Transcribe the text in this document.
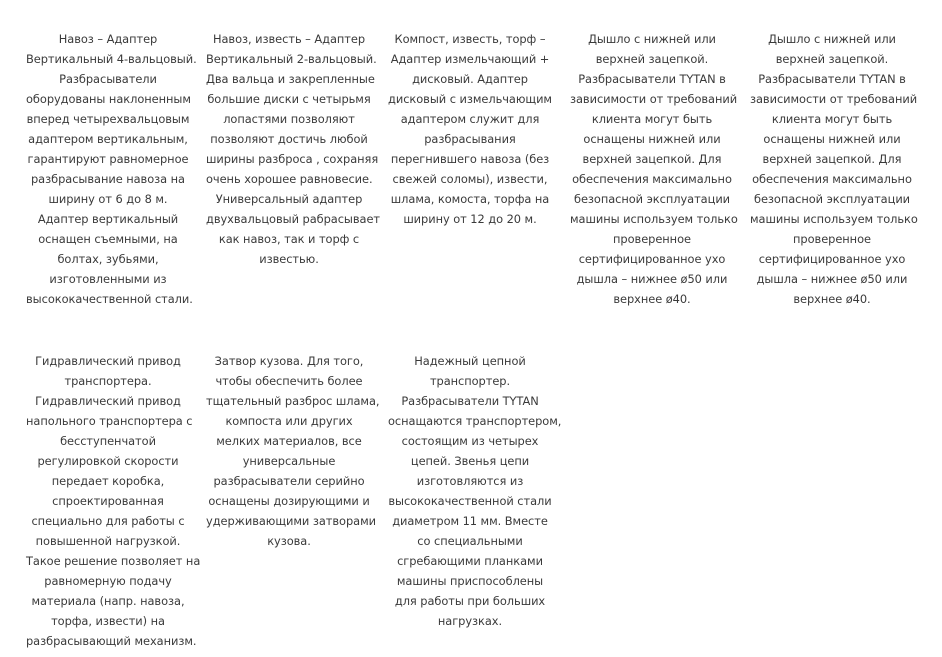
Навоз – Адаптер
Вертикальный 4-вальцовый.
Разбрасыватели
оборудованы наклоненным
вперед четырехвальцовым
адаптером вертикальным,
гарантируют равномерное
разбрасывание навоза на
ширину от 6 до 8 м.
Адаптер вертикальный
оснащен съемными, на
болтах, зубьями,
изготовленными из
высококачественной стали.
Навоз, известь – Адаптер
Вертикальный 2-вальцовый.
Два вальца и закрепленные
большие диски с четырьмя
лопастями позволяют
позволяют достичь любой
ширины разброса , сохраняя
очень хорошее равновесие.
Универсальный адаптер
двухвальцовый рабрасывает
как навоз, так и торф с
известью.
Компост, известь, торф –
Адаптер измельчающий +
дисковый. Адаптер
дисковый с измельчающим
адаптером служит для
разбрасывания
перегнившего навоза (без
свежей соломы), извести,
шлама, комоста, торфа на
ширину от 12 до 20 м.
Дышло с нижней или
верхней зацепкой.
Разбрасыватели TYTAN в
зависимости от требований
клиента могут быть
оснащены нижней или
верхней зацепкой. Для
обеспечения максимально
безопасной эксплуатации
машины используем только
проверенное
сертифицированное ухо
дышла – нижнее ø50 или
верхнее ø40.
Дышло с нижней или
верхней зацепкой.
Разбрасыватели TYTAN в
зависимости от требований
клиента могут быть
оснащены нижней или
верхней зацепкой. Для
обеспечения максимально
безопасной эксплуатации
машины используем только
проверенное
сертифицированное ухо
дышла – нижнее ø50 или
верхнее ø40.
Гидравлический привод
транспортера.
Гидравлический привод
напольного транспортера с
бесступенчатой
регулировкой скорости
передает коробка,
спроектированная
специально для работы с
повышенной нагрузкой.
Такое решение позволяет на
равномерную подачу
материала (напр. навоза,
торфа, извести) на
разбрасывающий механизм.
Затвор кузова. Для того,
чтобы обеспечить более
тщательный разброс шлама,
компоста или других
мелких материалов, все
универсальные
разбрасыватели серийно
оснащены дозирующими и
удерживающими затворами
кузова.
Надежный цепной
транспортер.
Разбрасыватели TYTAN
оснащаются транспортером,
состоящим из четырех
цепей. Звенья цепи
изготовляются из
высококачественной стали
диаметром 11 мм. Вместе
со специальными
сгребающими планками
машины приспособлены
для работы при больших
нагрузках.
